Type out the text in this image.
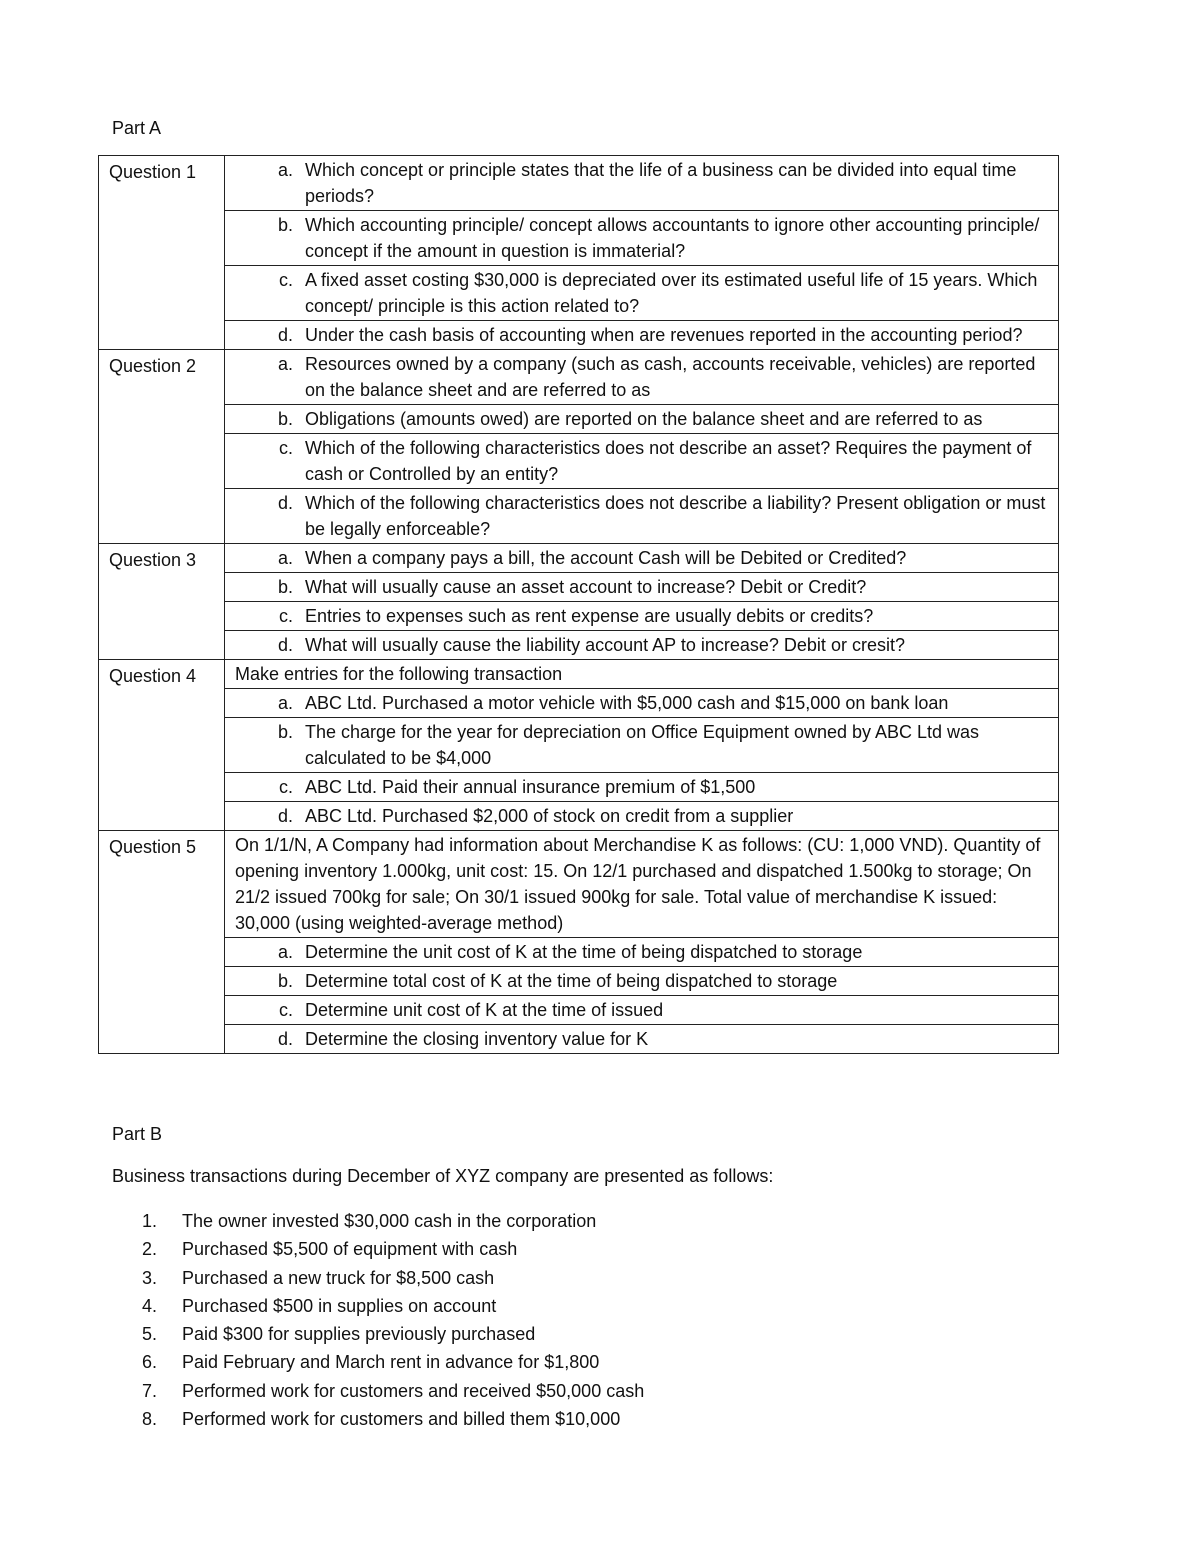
Part A
Question 1	a. Which concept or principle states that the life of a business can be divided into equal time periods?

	b. Which accounting principle/ concept allows accountants to ignore other accounting principle/ concept if the amount in question is immaterial?

	c. A fixed asset costing $30,000 is depreciated over its estimated useful life of 15 years. Which concept/ principle is this action related to?

	d. Under the cash basis of accounting when are revenues reported in the accounting period?

Question 2	a. Resources owned by a company (such as cash, accounts receivable, vehicles) are reported on the balance sheet and are referred to as

	b. Obligations (amounts owed) are reported on the balance sheet and are referred to as

	c. Which of the following characteristics does not describe an asset? Requires the payment of cash or Controlled by an entity?

	d. Which of the following characteristics does not describe a liability? Present obligation or must be legally enforceable?

Question 3	a. When a company pays a bill, the account Cash will be Debited or Credited?

	b. What will usually cause an asset account to increase? Debit or Credit?

	c. Entries to expenses such as rent expense are usually debits or credits?

	d. What will usually cause the liability account AP to increase? Debit or cresit?

Question 4	Make entries for the following transaction

	a. ABC Ltd. Purchased a motor vehicle with $5,000 cash and $15,000 on bank loan

	b. The charge for the year for depreciation on Office Equipment owned by ABC Ltd was calculated to be $4,000

	c. ABC Ltd. Paid their annual insurance premium of $1,500

	d. ABC Ltd. Purchased $2,000 of stock on credit from a supplier

Question 5	On 1/1/N, A Company had information about Merchandise K as follows: (CU: 1,000 VND). Quantity of opening inventory 1.000kg, unit cost: 15. On 12/1 purchased and dispatched 1.500kg to storage; On 21/2 issued 700kg for sale; On 30/1 issued 900kg for sale. Total value of merchandise K issued: 30,000 (using weighted-average method)

	a. Determine the unit cost of K at the time of being dispatched to storage

	b. Determine total cost of K at the time of being dispatched to storage

	c. Determine unit cost of K at the time of issued

	d. Determine the closing inventory value for K
Part B
Business transactions during December of XYZ company are presented as follows:
1.	The owner invested $30,000 cash in the corporation
2.	Purchased $5,500 of equipment with cash
3.	Purchased a new truck for $8,500 cash
4.	Purchased $500 in supplies on account
5.	Paid $300 for supplies previously purchased
6.	Paid February and March rent in advance for $1,800
7.	Performed work for customers and received $50,000 cash
8.	Performed work for customers and billed them $10,000
